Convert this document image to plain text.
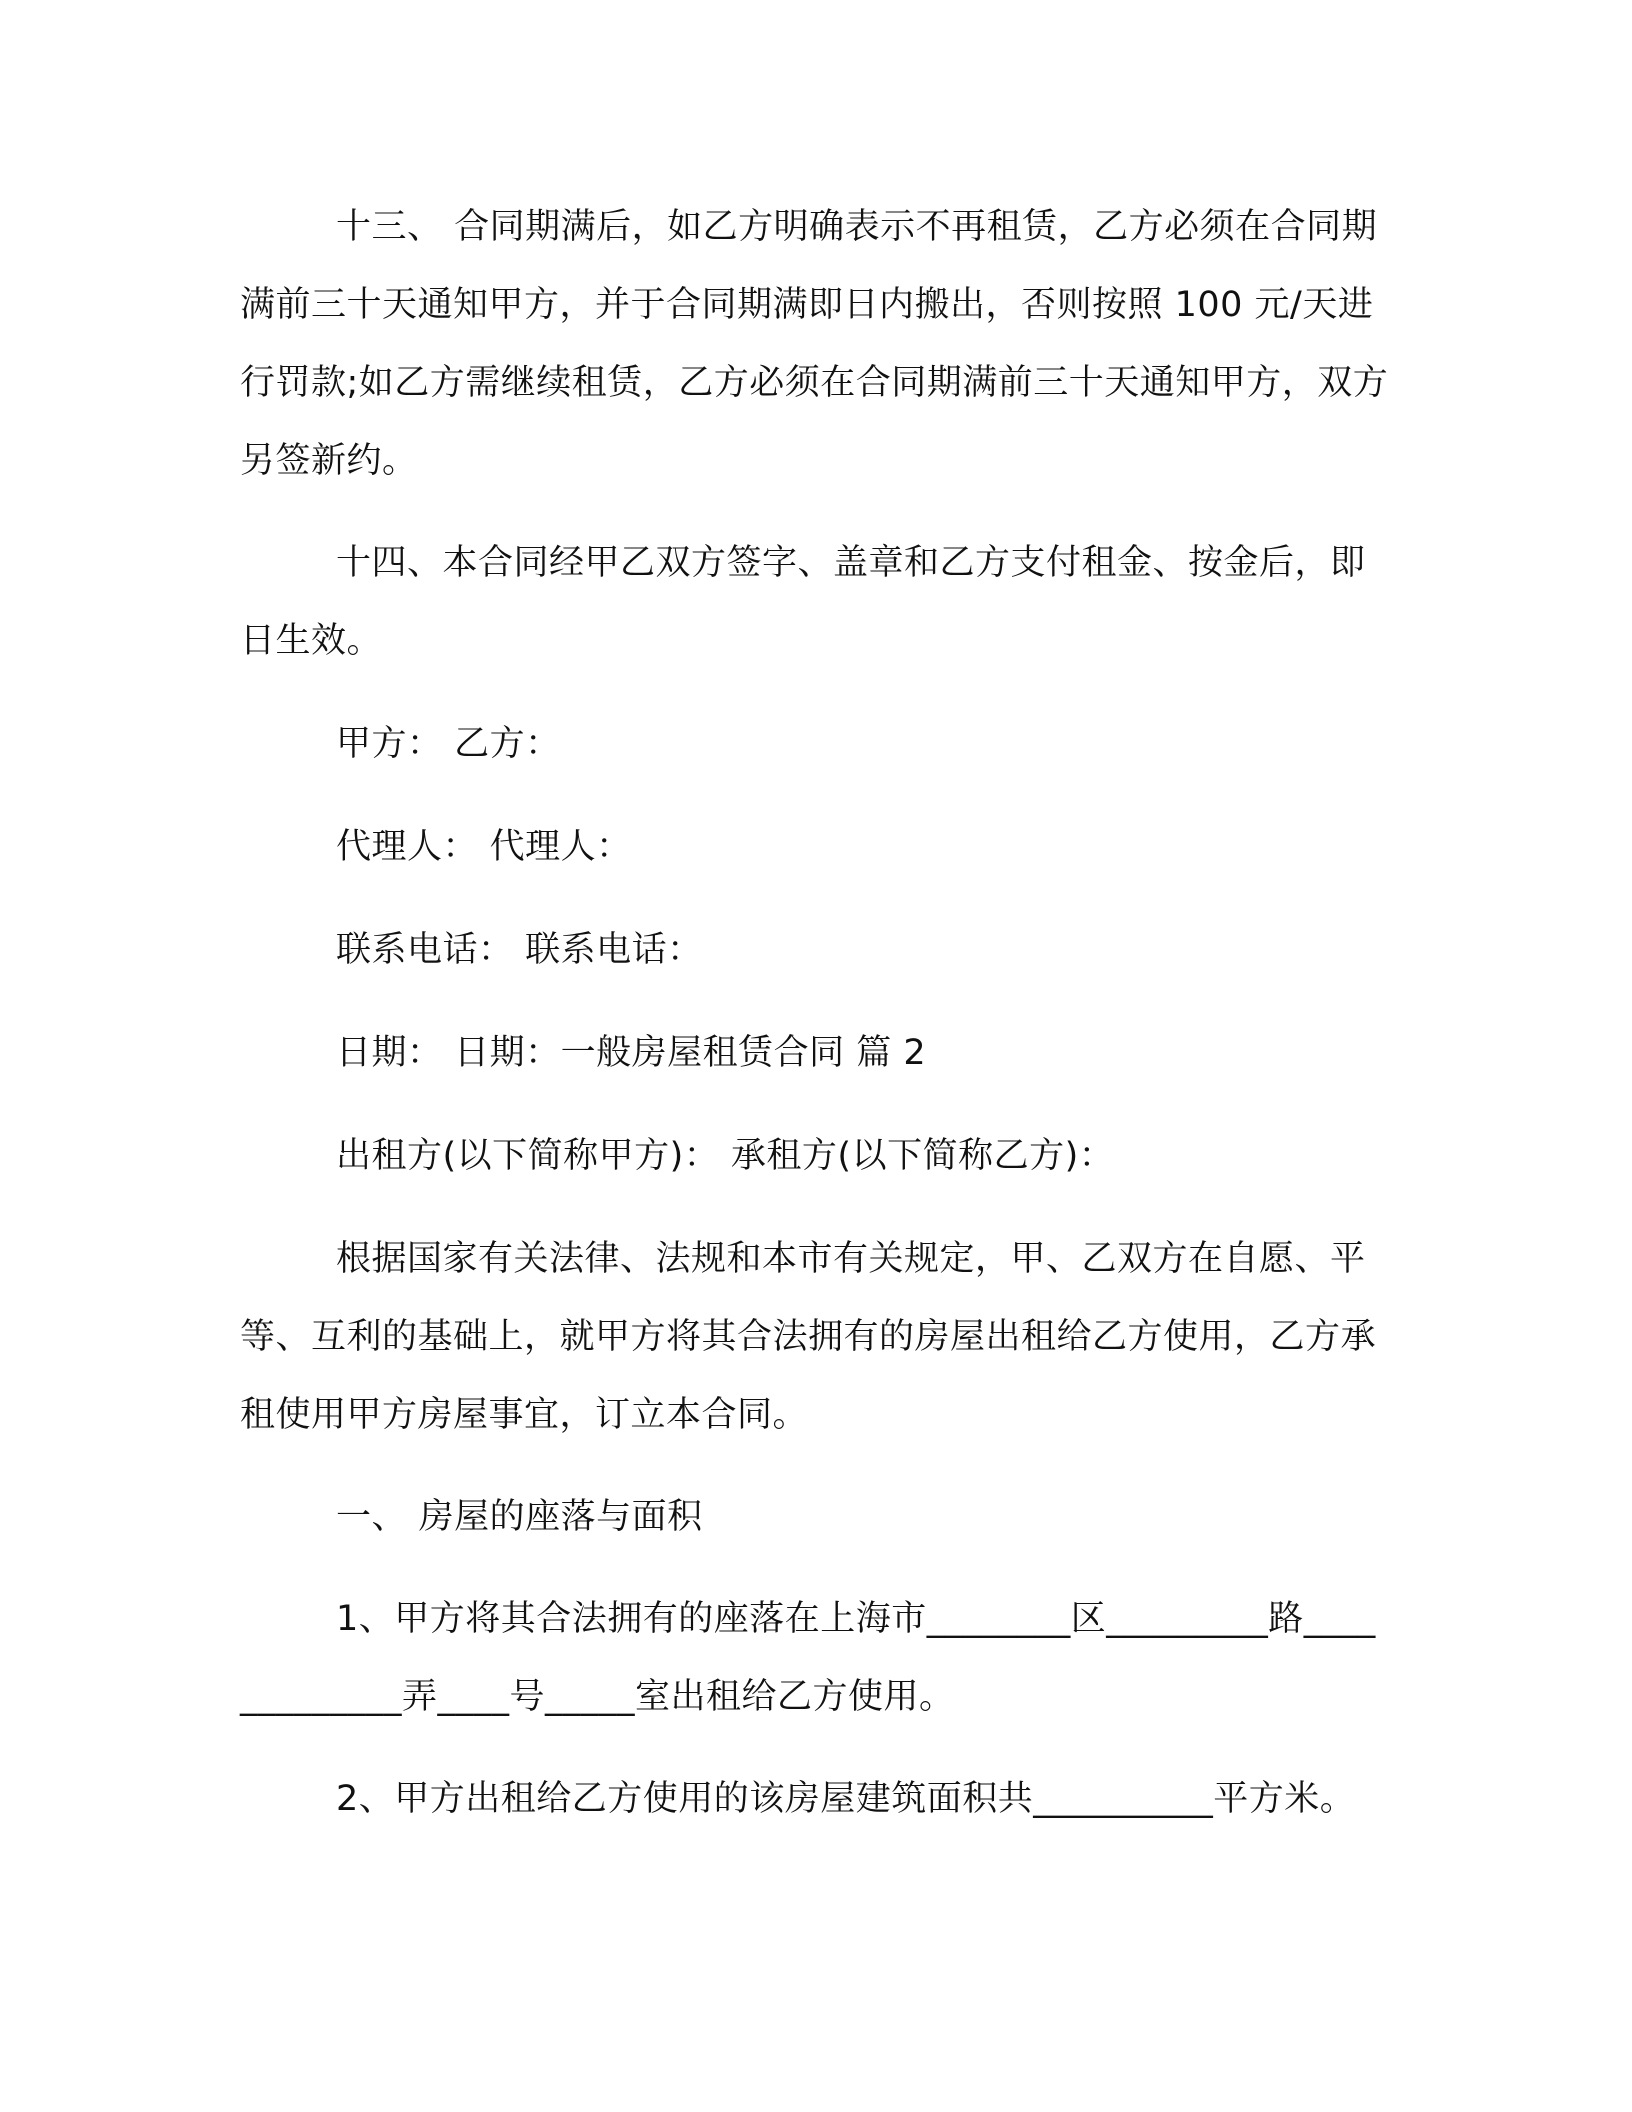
十三、 合同期满后，如乙方明确表示不再租赁，乙方必须在合同期满前三十天通知甲方，并于合同期满即日内搬出，否则按照 100 元/天进行罚款;如乙方需继续租赁，乙方必须在合同期满前三十天通知甲方，双方另签新约。

十四、本合同经甲乙双方签字、盖章和乙方支付租金、按金后，即日生效。

甲方： 乙方：

代理人： 代理人：

联系电话： 联系电话：

日期： 日期：一般房屋租赁合同 篇 2

出租方(以下简称甲方)： 承租方(以下简称乙方)：

根据国家有关法律、法规和本市有关规定，甲、乙双方在自愿、平等、互利的基础上，就甲方将其合法拥有的房屋出租给乙方使用，乙方承租使用甲方房屋事宜，订立本合同。

一、 房屋的座落与面积

1、甲方将其合法拥有的座落在上海市________区_________路_____________弄____号_____室出租给乙方使用。

2、甲方出租给乙方使用的该房屋建筑面积共__________平方米。
